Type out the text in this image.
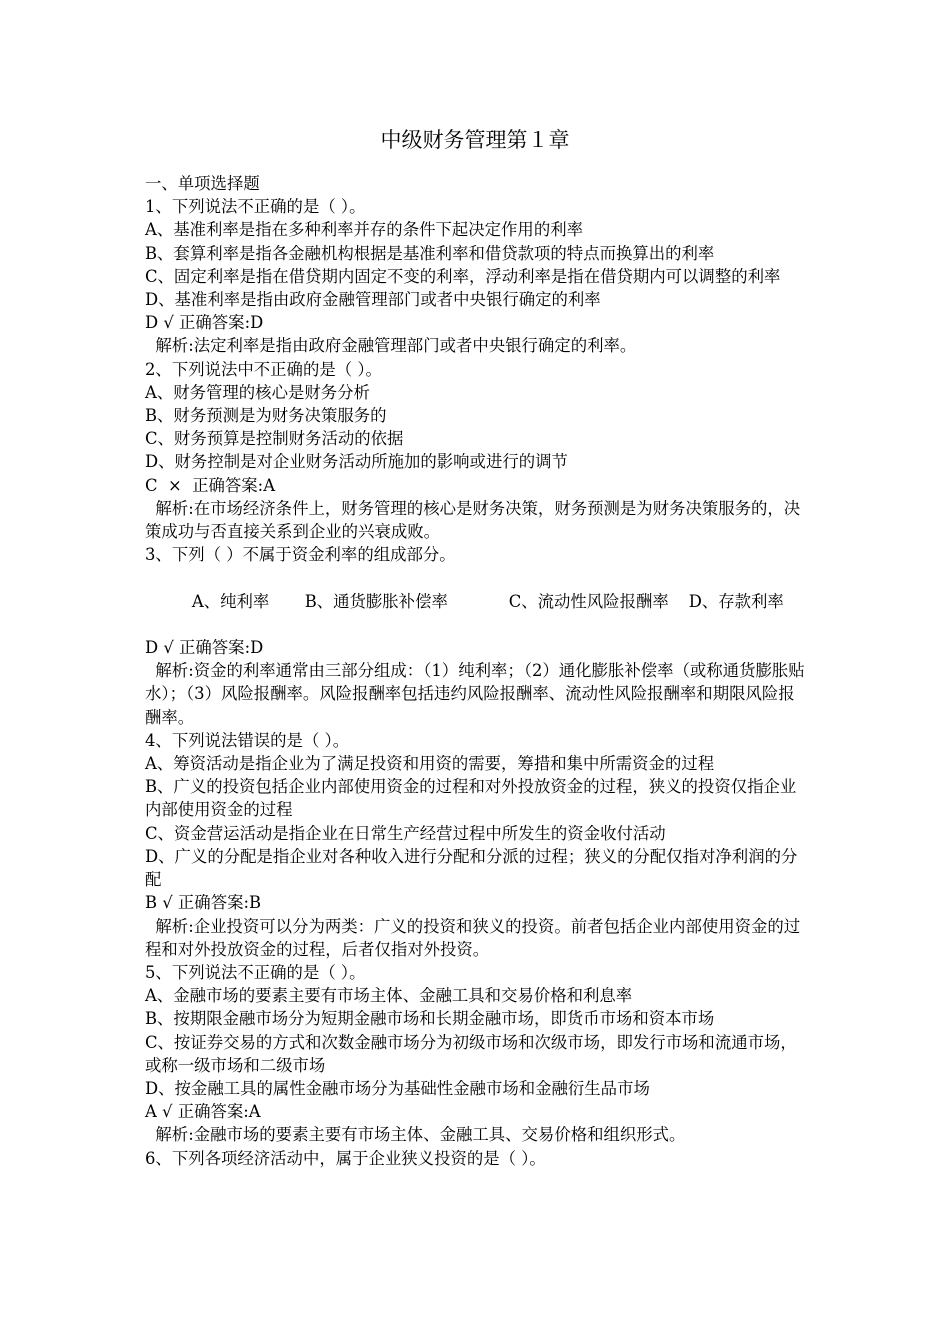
中级财务管理第１章
一、单项选择题
1、下列说法不正确的是（ ）。
A、基准利率是指在多种利率并存的条件下起决定作用的利率
B、套算利率是指各金融机构根据是基准利率和借贷款项的特点而换算出的利率
C、固定利率是指在借贷期内固定不变的利率，浮动利率是指在借贷期内可以调整的利率
D、基准利率是指由政府金融管理部门或者中央银行确定的利率
D √ 正确答案:D
解析:法定利率是指由政府金融管理部门或者中央银行确定的利率。
2、下列说法中不正确的是（ ）。
A、财务管理的核心是财务分析
B、财务预测是为财务决策服务的
C、财务预算是控制财务活动的依据
D、财务控制是对企业财务活动所施加的影响或进行的调节
C  ×  正确答案:A
解析:在市场经济条件上，财务管理的核心是财务决策，财务预测是为财务决策服务的，决策成功与否直接关系到企业的兴衰成败。
3、下列（ ）不属于资金利率的组成部分。

A、纯利率 B、通货膨胀补偿率	C、流动性风险报酬率 D、存款利率

D √ 正确答案:D
解析:资金的利率通常由三部分组成：（1）纯利率；（2）通化膨胀补偿率（或称通货膨胀贴水）；（3）风险报酬率。风险报酬率包括违约风险报酬率、流动性风险报酬率和期限风险报酬率。
4、下列说法错误的是（ ）。
A、筹资活动是指企业为了满足投资和用资的需要，筹措和集中所需资金的过程
B、广义的投资包括企业内部使用资金的过程和对外投放资金的过程，狭义的投资仅指企业内部使用资金的过程
C、资金营运活动是指企业在日常生产经营过程中所发生的资金收付活动
D、广义的分配是指企业对各种收入进行分配和分派的过程；狭义的分配仅指对净利润的分配
B √ 正确答案:B
解析:企业投资可以分为两类：广义的投资和狭义的投资。前者包括企业内部使用资金的过程和对外投放资金的过程，后者仅指对外投资。
5、下列说法不正确的是（ ）。
A、金融市场的要素主要有市场主体、金融工具和交易价格和利息率
B、按期限金融市场分为短期金融市场和长期金融市场，即货币市场和资本市场
C、按证券交易的方式和次数金融市场分为初级市场和次级市场，即发行市场和流通市场，或称一级市场和二级市场
D、按金融工具的属性金融市场分为基础性金融市场和金融衍生品市场
A √ 正确答案:A
解析:金融市场的要素主要有市场主体、金融工具、交易价格和组织形式。
6、下列各项经济活动中，属于企业狭义投资的是（ ）。
